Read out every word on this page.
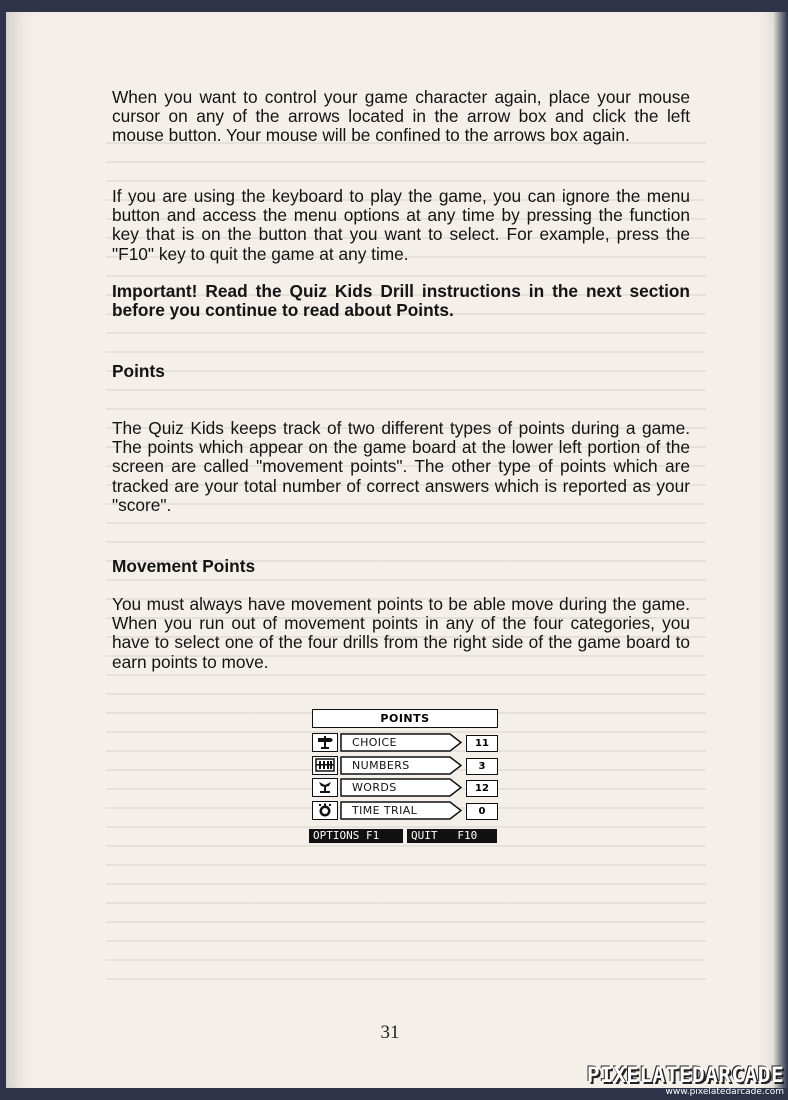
When you want to control your game character again, place your mouse cursor on any of the arrows located in the arrow box and click the left mouse button. Your mouse will be confined to the arrows box again.

If you are using the keyboard to play the game, you can ignore the menu button and access the menu options at any time by pressing the function key that is on the button that you want to select. For example, press the "F10" key to quit the game at any time.

Important! Read the Quiz Kids Drill instructions in the next section before you continue to read about Points.

Points

The Quiz Kids keeps track of two different types of points during a game. The points which appear on the game board at the lower left portion of the screen are called "movement points". The other type of points which are tracked are your total number of correct answers which is reported as your "score".

Movement Points

You must always have movement points to be able move during the game. When you run out of movement points in any of the four categories, you have to select one of the four drills from the right side of the game board to earn points to move.

POINTS
CHOICE	11
NUMBERS	3
WORDS	12
TIME TRIAL	0
OPTIONS F1	QUIT   F10
31
PIXELATEDARCADE
www.pixelatedarcade.com
